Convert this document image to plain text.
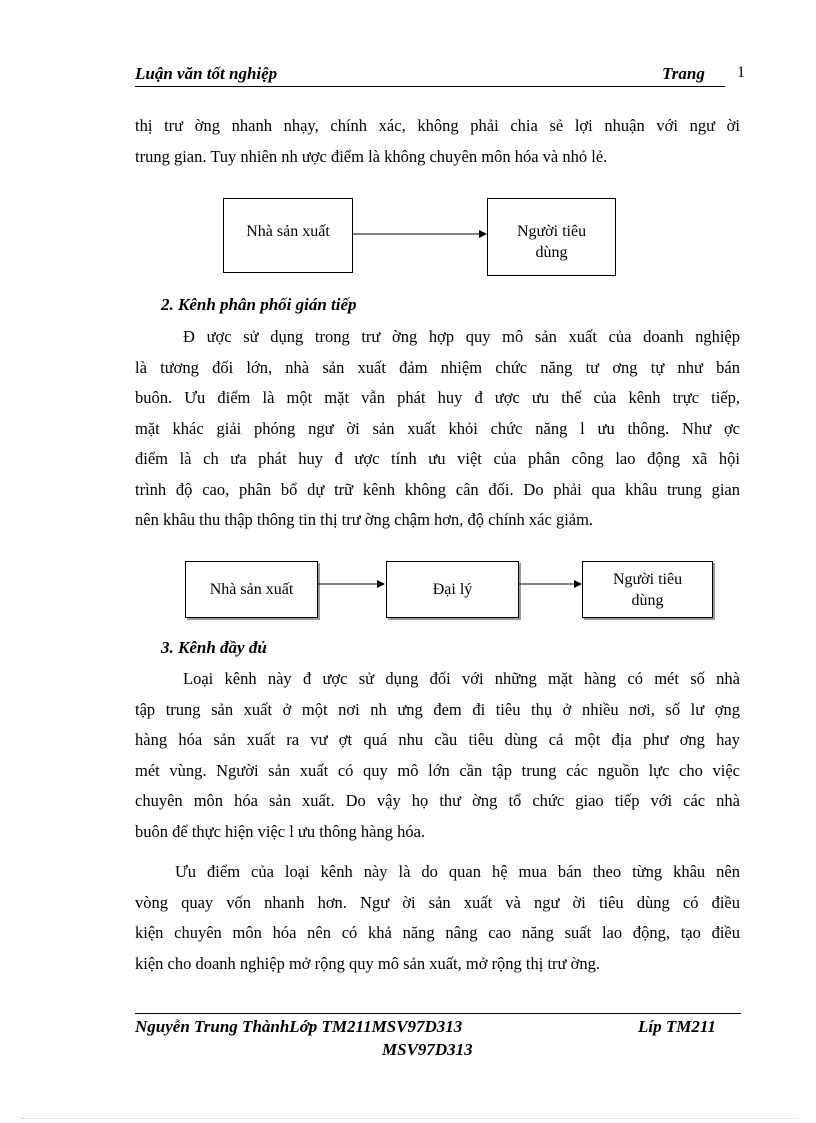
Luận văn tốt nghiệp	Trang 1
thị trư ờng nhanh nhạy, chính xác, không phải chia sẻ lợi nhuận với ngư ời
trung gian. Tuy nhiên nh ược điểm là không chuyên môn hóa và nhỏ lẻ.
Nhà sản xuất	Người tiêu dùng
2. Kênh phân phối gián tiếp
Đ ược sử dụng trong trư ờng hợp quy mô sản xuất của doanh nghiệp
là tương đối lớn, nhà sản xuất đảm nhiệm chức năng tư ơng tự như bán
buôn. Ưu điểm là một mặt vẫn phát huy đ ược ưu thế của kênh trực tiếp,
mặt khác giải phóng ngư ời sản xuất khỏi chức năng l ưu thông. Như ợc
điểm là ch ưa phát huy đ ược tính ưu việt của phân công lao động xã hội
trình độ cao, phân bổ dự trữ kênh không cân đối. Do phải qua khâu trung gian
nên khâu thu thập thông tin thị trư ờng chậm hơn, độ chính xác giảm.
Nhà sản xuất	Đại lý
Người tiêu dùng
3. Kênh đầy đủ
Loại kênh này đ ược sử dụng đối với những mặt hàng có mét số nhà
tập trung sản xuất ở một nơi nh ưng đem đi tiêu thụ ở nhiều nơi, số lư ợng
hàng hóa sản xuất ra vư ợt quá nhu cầu tiêu dùng cả một địa phư ơng hay
mét vùng. Người sản xuất có quy mô lớn cần tập trung các nguồn lực cho việc
chuyên môn hóa sản xuất. Do vậy họ thư ờng tổ chức giao tiếp với các nhà
buôn để thực hiện việc l ưu thông hàng hóa.
Ưu điểm của loại kênh này là do quan hệ mua bán theo từng khâu nên
vòng quay vốn nhanh hơn. Ngư ời sản xuất và ngư ời tiêu dùng có điều
kiện chuyên môn hóa nên có khả năng nâng cao năng suất lao động, tạo điều
kiện cho doanh nghiệp mở rộng quy mô sản xuất, mở rộng thị trư ờng.
Nguyễn Trung ThànhLớp TM211MSV97D313	Líp TM211
MSV97D313
